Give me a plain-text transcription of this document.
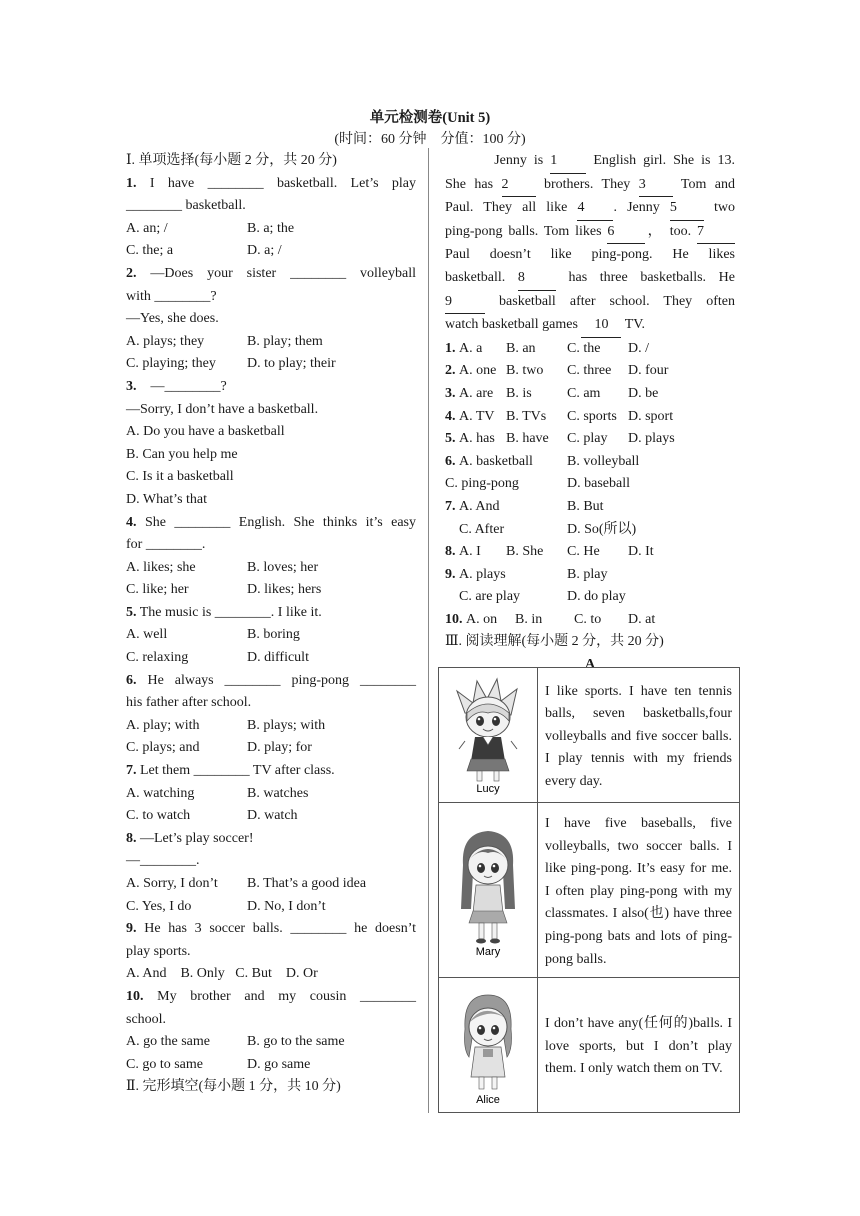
单元检测卷(Unit 5)
(时间：60 分钟　分值：100 分)
Ⅰ. 单项选择(每小题 2 分，共 20 分)
1. I have ________ basketball. Let’s play
________ basketball.
A. an; /	B. a; the
C. the; a	D. a; /
2. —Does your sister ________ volleyball
with ________?
—Yes, she does.
A. plays; they	B. play; them
C. playing; they	D. to play; their
3. —________?
—Sorry, I don’t have a basketball.
A. Do you have a basketball
B. Can you help me
C. Is it a basketball
D. What’s that
4. She ________ English. She thinks it’s easy
for ________.
A. likes; she	B. loves; her
C. like; her	D. likes; hers
5. The music is ________. I like it.
A. well	B. boring
C. relaxing	D. difficult
6. He always ________ ping-pong ________
his father after school.
A. play; with	B. plays; with
C. plays; and	D. play; for
7. Let them ________ TV after class.
A. watching	B. watches
C. to watch	D. watch
8. —Let’s play soccer!
—________.
A. Sorry, I don’t	B. That’s a good idea
C. Yes, I do	D. No, I don’t
9. He has 3 soccer balls. ________ he doesn’t
play sports.
A. And
B. Only
C. But
D. Or
10. My brother and my cousin ________
school.
A. go the same	B. go to the same
C. go to same	D. go same
Ⅱ. 完形填空(每小题 1 分，共 10 分)
Jenny is 1 English girl. She is 13.
She has 2 brothers. They 3 Tom and
Paul. They all like 4 . Jenny 5 two
ping-pong balls. Tom likes 6 ， too. 7
Paul doesn’t like ping-pong. He likes
basketball. 8 has three basketballs. He
9 basketball after school. They often
watch basketball games 10 TV.
1. A. a	B. an	C. the	D. /
2. A. one B. two	C. three	D. four
3. A. are B. is	C. am	D. be
4. A. TV B. TVs	C. sports D. sport
5. A. has B. have	C. play	D. plays
6. A. basketball	B. volleyball
C. ping-pong	D. baseball
7. A. And	B. But
C. After	D. So(所以)
8. A. I	B. She	C. He	D. It
9. A. plays	B. play
C. are play	D. do play
10. A. on	B. in	C. to	D. at
Ⅲ. 阅读理解(每小题 2 分，共 20 分)
A
Lucy	I like sports. I have ten tennis balls, seven basketballs,four volleyballs and five soccer balls. I play tennis with my friends every day.

Mary	I have five baseballs, five volleyballs, two soccer balls. I like ping-pong. It’s easy for me. I often play ping-pong with my classmates. I also(也) have three ping-pong bats and lots of ping-pong balls.

Alice	I don’t have any(任何的)balls. I love sports, but I don’t play them. I only watch them on TV.
